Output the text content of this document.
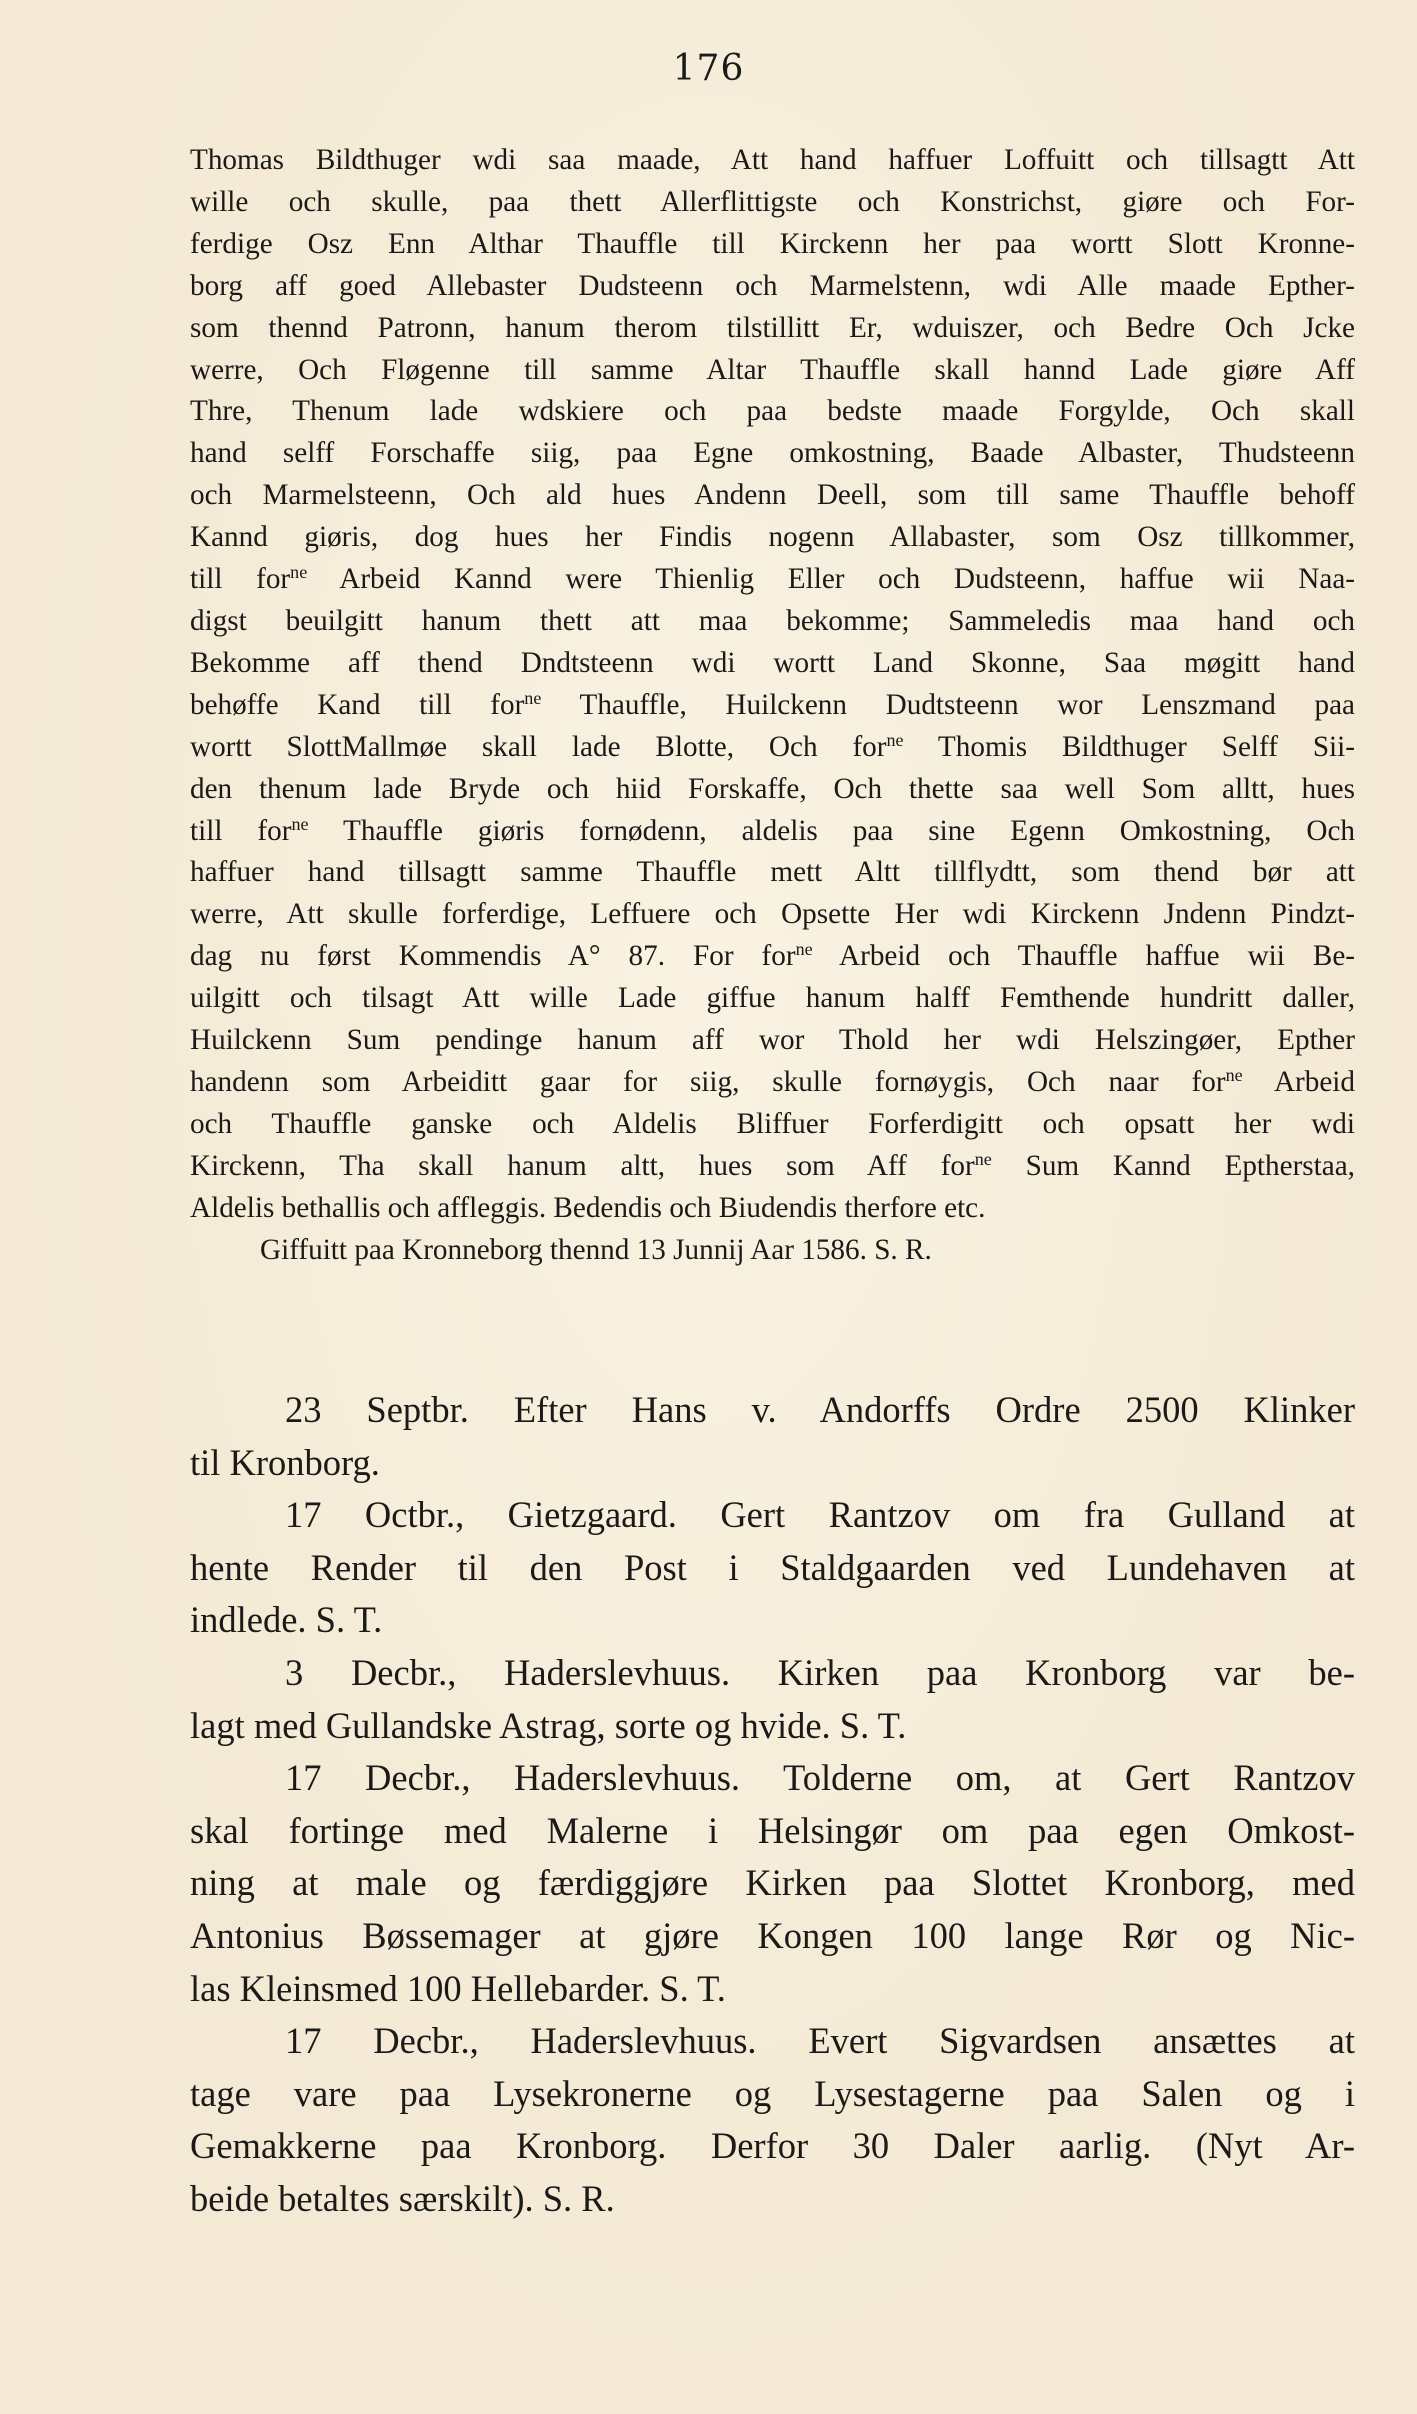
176
Thomas Bildthuger wdi saa maade, Att hand haffuer Loffuitt och tillsagtt Att
wille och skulle, paa thett Allerflittigste och Konstrichst, giøre och For-
ferdige Osz Enn Althar Thauffle till Kirckenn her paa wortt Slott Kronne-
borg aff goed Allebaster Dudsteenn och Marmelstenn, wdi Alle maade Epther-
som thennd Patronn, hanum therom tilstillitt Er, wduiszer, och Bedre Och Jcke
werre, Och Fløgenne till samme Altar Thauffle skall hannd Lade giøre Aff
Thre, Thenum lade wdskiere och paa bedste maade Forgylde, Och skall
hand selff Forschaffe siig, paa Egne omkostning, Baade Albaster, Thudsteenn
och Marmelsteenn, Och ald hues Andenn Deell, som till same Thauffle behoff
Kannd giøris, dog hues her Findis nogenn Allabaster, som Osz tillkommer,
till for$^{ne}$ Arbeid Kannd were Thienlig Eller och Dudsteenn, haffue wii Naa-
digst beuilgitt hanum thett att maa bekomme; Sammeledis maa hand och
Bekomme aff thend Dndtsteenn wdi wortt Land Skonne, Saa møgitt hand
behøffe Kand till for$^{ne}$ Thauffle, Huilckenn Dudtsteenn wor Lenszmand paa
wortt SlottMallmøe skall lade Blotte, Och for$^{ne}$ Thomis Bildthuger Selff Sii-
den thenum lade Bryde och hiid Forskaffe, Och thette saa well Som alltt, hues
till for$^{ne}$ Thauffle giøris fornødenn, aldelis paa sine Egenn Omkostning, Och
haffuer hand tillsagtt samme Thauffle mett Altt tillflydtt, som thend bør att
werre, Att skulle forferdige, Leffuere och Opsette Her wdi Kirckenn Jndenn Pindzt-
dag nu først Kommendis A° 87. For for$^{ne}$ Arbeid och Thauffle haffue wii Be-
uilgitt och tilsagt Att wille Lade giffue hanum halff Femthende hundritt daller,
Huilckenn Sum pendinge hanum aff wor Thold her wdi Helszingøer, Epther
handenn som Arbeiditt gaar for siig, skulle fornøygis, Och naar for$^{ne}$ Arbeid
och Thauffle ganske och Aldelis Bliffuer Forferdigitt och opsatt her wdi
Kirckenn, Tha skall hanum altt, hues som Aff for$^{ne}$ Sum Kannd Eptherstaa,
Aldelis bethallis och affleggis. Bedendis och Biudendis therfore etc.
Giffuitt paa Kronneborg thennd 13 Junnij Aar 1586. S. R.
23 Septbr. Efter Hans v. Andorffs Ordre 2500 Klinker
til Kronborg.
17 Octbr., Gietzgaard. Gert Rantzov om fra Gulland at
hente Render til den Post i Staldgaarden ved Lundehaven at
indlede. S. T.
3 Decbr., Haderslevhuus. Kirken paa Kronborg var be-
lagt med Gullandske Astrag, sorte og hvide. S. T.
17 Decbr., Haderslevhuus. Tolderne om, at Gert Rantzov
skal fortinge med Malerne i Helsingør om paa egen Omkost-
ning at male og færdiggjøre Kirken paa Slottet Kronborg, med
Antonius Bøssemager at gjøre Kongen 100 lange Rør og Nic-
las Kleinsmed 100 Hellebarder. S. T.
17 Decbr., Haderslevhuus. Evert Sigvardsen ansættes at
tage vare paa Lysekronerne og Lysestagerne paa Salen og i
Gemakkerne paa Kronborg. Derfor 30 Daler aarlig. (Nyt Ar-
beide betaltes særskilt). S. R.
